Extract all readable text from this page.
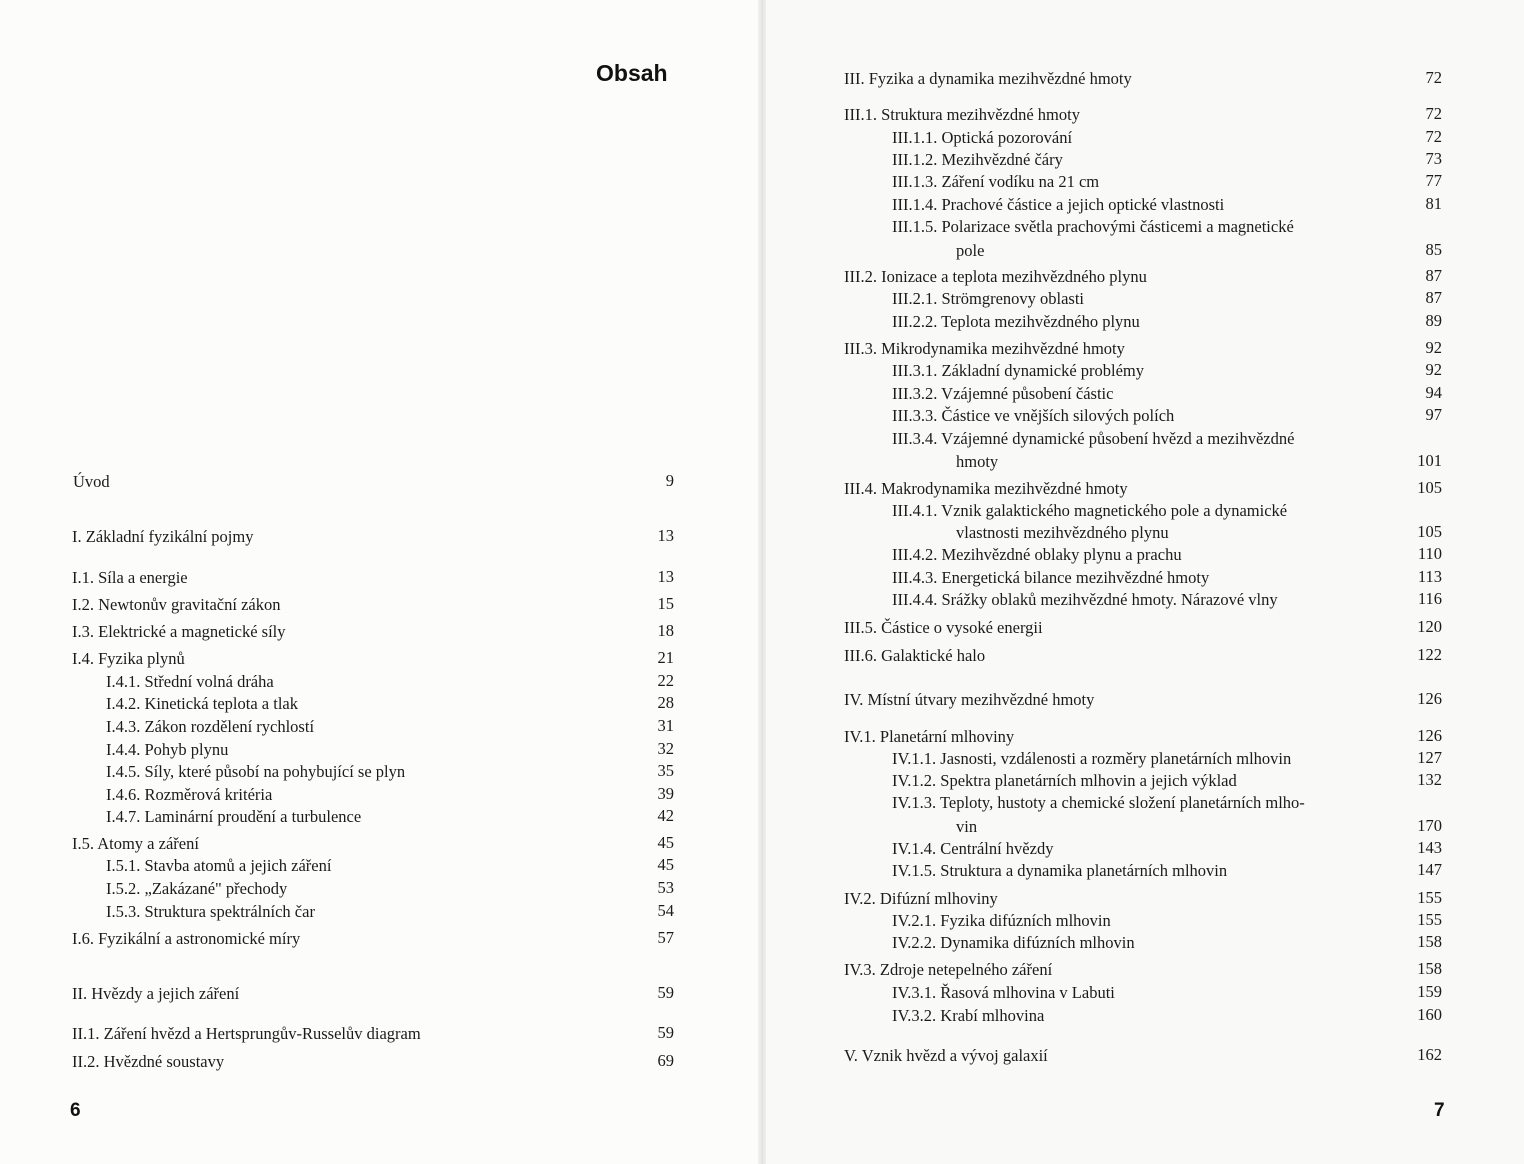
Obsah
Úvod	9
I. Základní fyzikální pojmy	13
I.1. Síla a energie	13
I.2. Newtonův gravitační zákon	15
I.3. Elektrické a magnetické síly	18
I.4. Fyzika plynů	21
I.4.1. Střední volná dráha	22
I.4.2. Kinetická teplota a tlak	28
I.4.3. Zákon rozdělení rychlostí	31
I.4.4. Pohyb plynu	32
I.4.5. Síly, které působí na pohybující se plyn	35
I.4.6. Rozměrová kritéria	39
I.4.7. Laminární proudění a turbulence	42
I.5. Atomy a záření	45
I.5.1. Stavba atomů a jejich záření	45
I.5.2. „Zakázané" přechody	53
I.5.3. Struktura spektrálních čar	54
I.6. Fyzikální a astronomické míry	57
II. Hvězdy a jejich záření	59
II.1. Záření hvězd a Hertsprungův-Russelův diagram	59
II.2. Hvězdné soustavy	69
6
III. Fyzika a dynamika mezihvězdné hmoty	72
III.1. Struktura mezihvězdné hmoty	72
III.1.1. Optická pozorování	72
III.1.2. Mezihvězdné čáry	73
III.1.3. Záření vodíku na 21 cm	77
III.1.4. Prachové částice a jejich optické vlastnosti	81
III.1.5. Polarizace světla prachovými částicemi a magnetické
pole	85
III.2. Ionizace a teplota mezihvězdného plynu	87
III.2.1. Strömgrenovy oblasti	87
III.2.2. Teplota mezihvězdného plynu	89
III.3. Mikrodynamika mezihvězdné hmoty	92
III.3.1. Základní dynamické problémy	92
III.3.2. Vzájemné působení částic	94
III.3.3. Částice ve vnějších silových polích	97
III.3.4. Vzájemné dynamické působení hvězd a mezihvězdné
hmoty	101
III.4. Makrodynamika mezihvězdné hmoty	105
III.4.1. Vznik galaktického magnetického pole a dynamické
vlastnosti mezihvězdného plynu	105
III.4.2. Mezihvězdné oblaky plynu a prachu	110
III.4.3. Energetická bilance mezihvězdné hmoty	113
III.4.4. Srážky oblaků mezihvězdné hmoty. Nárazové vlny	116
III.5. Částice o vysoké energii	120
III.6. Galaktické halo	122
IV. Místní útvary mezihvězdné hmoty	126
IV.1. Planetární mlhoviny	126
IV.1.1. Jasnosti, vzdálenosti a rozměry planetárních mlhovin	127
IV.1.2. Spektra planetárních mlhovin a jejich výklad	132
IV.1.3. Teploty, hustoty a chemické složení planetárních mlho-
vin	170
IV.1.4. Centrální hvězdy	143
IV.1.5. Struktura a dynamika planetárních mlhovin	147
IV.2. Difúzní mlhoviny	155
IV.2.1. Fyzika difúzních mlhovin	155
IV.2.2. Dynamika difúzních mlhovin	158
IV.3. Zdroje netepelného záření	158
IV.3.1. Řasová mlhovina v Labuti	159
IV.3.2. Krabí mlhovina	160
V. Vznik hvězd a vývoj galaxií	162
7
